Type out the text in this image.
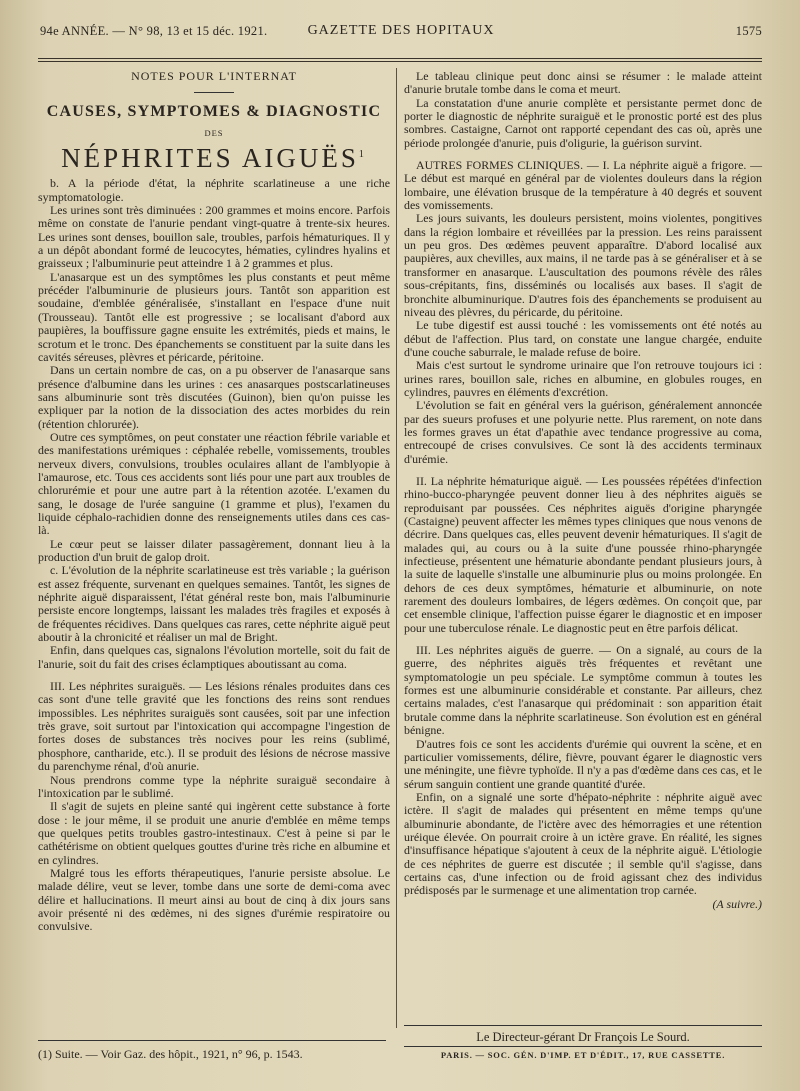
94e ANNÉE. — N° 98, 13 et 15 déc. 1921.	GAZETTE DES HOPITAUX	1575
NOTES POUR L'INTERNAT
CAUSES, SYMPTOMES & DIAGNOSTIC
DES
NÉPHRITES AIGUËS$^1$

b. A la période d'état, la néphrite scarlatineuse a une riche symptomatologie.

Les urines sont très diminuées : 200 grammes et moins encore. Parfois même on constate de l'anurie pendant vingt-quatre à trente-six heures. Les urines sont denses, bouillon sale, troubles, parfois hématuriques. Il y a un dépôt abondant formé de leucocytes, hématies, cylindres hyalins et graisseux ; l'albuminurie peut atteindre 1 à 2 grammes et plus.

L'anasarque est un des symptômes les plus constants et peut même précéder l'albuminurie de plusieurs jours. Tantôt son apparition est soudaine, d'emblée généralisée, s'installant en l'espace d'une nuit (Trousseau). Tantôt elle est progressive ; se localisant d'abord aux paupières, la bouffissure gagne ensuite les extrémités, pieds et mains, le scrotum et le tronc. Des épanchements se constituent par la suite dans les cavités séreuses, plèvres et péricarde, péritoine.

Dans un certain nombre de cas, on a pu observer de l'anasarque sans présence d'albumine dans les urines : ces anasarques postscarlatineuses sans albuminurie sont très discutées (Guinon), bien qu'on puisse les expliquer par la notion de la dissociation des actes morbides du rein (rétention chlorurée).

Outre ces symptômes, on peut constater une réaction fébrile variable et des manifestations urémiques : céphalée rebelle, vomissements, troubles nerveux divers, convulsions, troubles oculaires allant de l'amblyopie à l'amaurose, etc. Tous ces accidents sont liés pour une part aux troubles de chlorurémie et pour une autre part à la rétention azotée. L'examen du sang, le dosage de l'urée sanguine (1 gramme et plus), l'examen du liquide céphalo-rachidien donne des renseignements utiles dans ces cas-là.

Le cœur peut se laisser dilater passagèrement, donnant lieu à la production d'un bruit de galop droit.

c. L'évolution de la néphrite scarlatineuse est très variable ; la guérison est assez fréquente, survenant en quelques semaines. Tantôt, les signes de néphrite aiguë disparaissent, l'état général reste bon, mais l'albuminurie persiste encore longtemps, laissant les malades très fragiles et exposés à de fréquentes récidives. Dans quelques cas rares, cette néphrite aiguë peut aboutir à la chronicité et réaliser un mal de Bright.

Enfin, dans quelques cas, signalons l'évolution mortelle, soit du fait de l'anurie, soit du fait des crises éclamptiques aboutissant au coma.

III. Les néphrites suraiguës. — Les lésions rénales produites dans ces cas sont d'une telle gravité que les fonctions des reins sont rendues impossibles. Les néphrites suraiguës sont causées, soit par une infection très grave, soit surtout par l'intoxication qui accompagne l'ingestion de fortes doses de substances très nocives pour les reins (sublimé, phosphore, cantharide, etc.). Il se produit des lésions de nécrose massive du parenchyme rénal, d'où anurie.

Nous prendrons comme type la néphrite suraiguë secondaire à l'intoxication par le sublimé.

Il s'agit de sujets en pleine santé qui ingèrent cette substance à forte dose : le jour même, il se produit une anurie d'emblée en même temps que quelques petits troubles gastro-intestinaux. C'est à peine si par le cathétérisme on obtient quelques gouttes d'urine très riche en albumine et en cylindres.

Malgré tous les efforts thérapeutiques, l'anurie persiste absolue. Le malade délire, veut se lever, tombe dans une sorte de demi-coma avec délire et hallucinations. Il meurt ainsi au bout de cinq à dix jours sans avoir présenté ni des œdèmes, ni des signes d'urémie respiratoire ou convulsive.

(1) Suite. — Voir Gaz. des hôpit., 1921, n° 96, p. 1543.

Le tableau clinique peut donc ainsi se résumer : le malade atteint d'anurie brutale tombe dans le coma et meurt.

La constatation d'une anurie complète et persistante permet donc de porter le diagnostic de néphrite suraiguë et le pronostic porté est des plus sombres. Castaigne, Carnot ont rapporté cependant des cas où, après une période prolongée d'anurie, puis d'oligurie, la guérison survint.

AUTRES FORMES CLINIQUES. — I. La néphrite aiguë a frigore. — Le début est marqué en général par de violentes douleurs dans la région lombaire, une élévation brusque de la température à 40 degrés et souvent des vomissements.

Les jours suivants, les douleurs persistent, moins violentes, pongitives dans la région lombaire et réveillées par la pression. Les reins paraissent un peu gros. Des œdèmes peuvent apparaître. D'abord localisé aux paupières, aux chevilles, aux mains, il ne tarde pas à se généraliser et à se transformer en anasarque. L'auscultation des poumons révèle des râles sous-crépitants, fins, disséminés ou localisés aux bases. Il s'agit de bronchite albuminurique. D'autres fois des épanchements se produisent au niveau des plèvres, du péricarde, du péritoine.

Le tube digestif est aussi touché : les vomissements ont été notés au début de l'affection. Plus tard, on constate une langue chargée, enduite d'une couche saburrale, le malade refuse de boire.

Mais c'est surtout le syndrome urinaire que l'on retrouve toujours ici : urines rares, bouillon sale, riches en albumine, en globules rouges, en cylindres, pauvres en éléments d'excrétion.

L'évolution se fait en général vers la guérison, généralement annoncée par des sueurs profuses et une polyurie nette. Plus rarement, on note dans les formes graves un état d'apathie avec tendance progressive au coma, entrecoupé de crises convulsives. Ce sont là des accidents terminaux d'urémie.

II. La néphrite hématurique aiguë. — Les poussées répétées d'infection rhino-bucco-pharyngée peuvent donner lieu à des néphrites aiguës se reproduisant par poussées. Ces néphrites aiguës d'origine pharyngée (Castaigne) peuvent affecter les mêmes types cliniques que nous venons de décrire. Dans quelques cas, elles peuvent devenir hématuriques. Il s'agit de malades qui, au cours ou à la suite d'une poussée rhino-pharyngée infectieuse, présentent une hématurie abondante pendant plusieurs jours, à la suite de laquelle s'installe une albuminurie plus ou moins prolongée. En dehors de ces deux symptômes, hématurie et albuminurie, on note rarement des douleurs lombaires, de légers œdèmes. On conçoit que, par cet ensemble clinique, l'affection puisse égarer le diagnostic et en imposer pour une tuberculose rénale. Le diagnostic peut en être parfois délicat.

III. Les néphrites aiguës de guerre. — On a signalé, au cours de la guerre, des néphrites aiguës très fréquentes et revêtant une symptomatologie un peu spéciale. Le symptôme commun à toutes les formes est une albuminurie considérable et constante. Par ailleurs, chez certains malades, c'est l'anasarque qui prédominait : son apparition était brutale comme dans la néphrite scarlatineuse. Son évolution est en général bénigne.

D'autres fois ce sont les accidents d'urémie qui ouvrent la scène, et en particulier vomissements, délire, fièvre, pouvant égarer le diagnostic vers une méningite, une fièvre typhoïde. Il n'y a pas d'œdème dans ces cas, et le sérum sanguin contient une grande quantité d'urée.

Enfin, on a signalé une sorte d'hépato-néphrite : néphrite aiguë avec ictère. Il s'agit de malades qui présentent en même temps qu'une albuminurie abondante, de l'ictère avec des hémorragies et une rétention uréique élevée. On pourrait croire à un ictère grave. En réalité, les signes d'insuffisance hépatique s'ajoutent à ceux de la néphrite aiguë. L'étiologie de ces néphrites de guerre est discutée ; il semble qu'il s'agisse, dans certains cas, d'une infection ou de froid agissant chez des individus prédisposés par le surmenage et une alimentation trop carnée.

(A suivre.)

Le Directeur-gérant Dr François Le Sourd.
PARIS. — SOC. GÉN. D'IMP. ET D'ÉDIT., 17, RUE CASSETTE.
